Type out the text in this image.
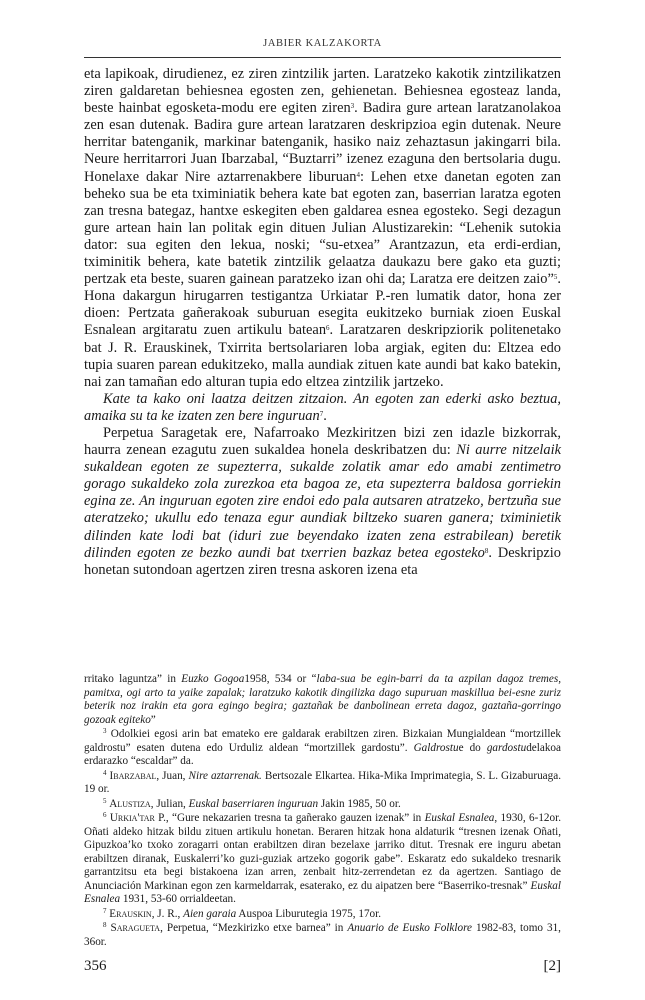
JABIER KALZAKORTA

eta lapikoak, dirudienez, ez ziren zintzilik jarten. Laratzeko kakotik zintzilikatzen ziren galdaretan behiesnea egosten zen, gehienetan. Behiesnea egosteaz landa, beste hainbat egosketa-modu ere egiten ziren$^3$. Badira gure artean laratzanolakoa zen esan dutenak. Badira gure artean laratzaren deskripzioa egin dutenak. Neure herritar batenganik, markinar batenganik, hasiko naiz zehaztasun jakingarri bila. Neure herritarrori Juan Ibarzabal, “Buztarri” izenez ezaguna den bertsolaria dugu. Honelaxe dakar Nire aztarrenakbere liburuan$^4$: Lehen etxe danetan egoten zan beheko sua be eta tximiniatik behera kate bat egoten zan, baserrian laratza egoten zan tresna bategaz, hantxe eskegiten eben galdarea esnea egosteko. Segi dezagun gure artean hain lan politak egin dituen Julian Alustizarekin: “Lehenik sutokia dator: sua egiten den lekua, noski; “su-etxea” Arantzazun, eta erdi-erdian, tximinitik behera, kate batetik zintzilik gelaatza daukazu bere gako eta guzti; pertzak eta beste, suaren gainean paratzeko izan ohi da; Laratza ere deitzen zaio”$^5$. Hona dakargun hirugarren testigantza Urkiatar P.-ren lumatik dator, hona zer dioen: Pertzata gañerakoak suburuan esegita eukitzeko burniak zioen Euskal Esnalean argitaratu zuen artikulu batean$^6$. Laratzaren deskripziorik politenetako bat J. R. Erauskinek, Txirrita bertsolariaren loba argiak, egiten du: Eltzea edo tupia suaren parean edukitzeko, malla aundiak zituen kate aundi bat kako batekin, nai zan tamañan edo alturan tupia edo eltzea zintzilik jartzeko.

Kate ta kako oni laatza deitzen zitzaion. An egoten zan ederki asko beztua, amaika su ta ke izaten zen bere inguruan$^7$.

Perpetua Saragetak ere, Nafarroako Mezkiritzen bizi zen idazle bizkorrak, haurra zenean ezagutu zuen sukaldea honela deskribatzen du: Ni aurre nitzelaik sukaldean egoten ze supezterra, sukalde zolatik amar edo amabi zentimetro gorago sukaldeko zola zurezkoa eta bagoa ze, eta supezterra baldosa gorriekin egina ze. An inguruan egoten zire endoi edo pala autsaren atratzeko, bertzuña sue ateratzeko; ukullu edo tenaza egur aundiak biltzeko suaren ganera; tximinietik dilinden kate lodi bat (iduri zue beyendako izaten zena estrabilean) beretik dilinden egoten ze bezko aundi bat txerrien bazkaz betea egosteko$^8$. Deskripzio honetan sutondoan agertzen ziren tresna askoren izena eta

rritako laguntza” in Euzko Gogoa1958, 534 or “laba-sua be egin-barri da ta azpilan dagoz tremes, pamitxa, ogi arto ta yaike zapalak; laratzuko kakotik dingilizka dago supuruan maskillua bei-esne zuriz beterik noz irakin eta gora egingo begira; gaztañak be danbolinean erreta dagoz, gaztaña-gorringo gozoak egiteko”

$^3$ Odolkiei egosi arin bat emateko ere galdarak erabiltzen ziren. Bizkaian Mungialdean “mortzillek galdrostu” esaten dutena edo Urduliz aldean “mortzillek gardostu”. Galdrostue do gardostudelakoa erdarazko “escaldar” da.

$^4$ Ibarzabal, Juan, Nire aztarrenak. Bertsozale Elkartea. Hika-Mika Imprimategia, S. L. Gizaburuaga. 19 or.

$^5$ Alustiza, Julian, Euskal baserriaren inguruan Jakin 1985, 50 or.

$^6$ Urkia'tar P., “Gure nekazarien tresna ta gañerako gauzen izenak” in Euskal Esnalea, 1930, 6-12or. Oñati aldeko hitzak bildu zituen artikulu honetan. Beraren hitzak hona aldaturik “tresnen izenak Oñati, Gipuzkoa’ko txoko zoragarri ontan erabiltzen diran bezelaxe jarriko ditut. Tresnak ere inguru abetan erabiltzen diranak, Euskalerri’ko guzi-guziak artzeko gogorik gabe”. Eskaratz edo sukaldeko tresnarik garrantzitsu eta begi bistakoena izan arren, zenbait hitz-zerrendetan ez da agertzen. Santiago de Anunciación Markinan egon zen karmeldarrak, esaterako, ez du aipatzen bere “Baserriko-tresnak” Euskal Esnalea 1931, 53-60 orrialdeetan.

$^7$ Erauskin, J. R., Aien garaia Auspoa Liburutegia 1975, 17or.

$^8$ Saragueta, Perpetua, “Mezkirizko etxe barnea” in Anuario de Eusko Folklore 1982-83, tomo 31, 36or.

356	[2]
